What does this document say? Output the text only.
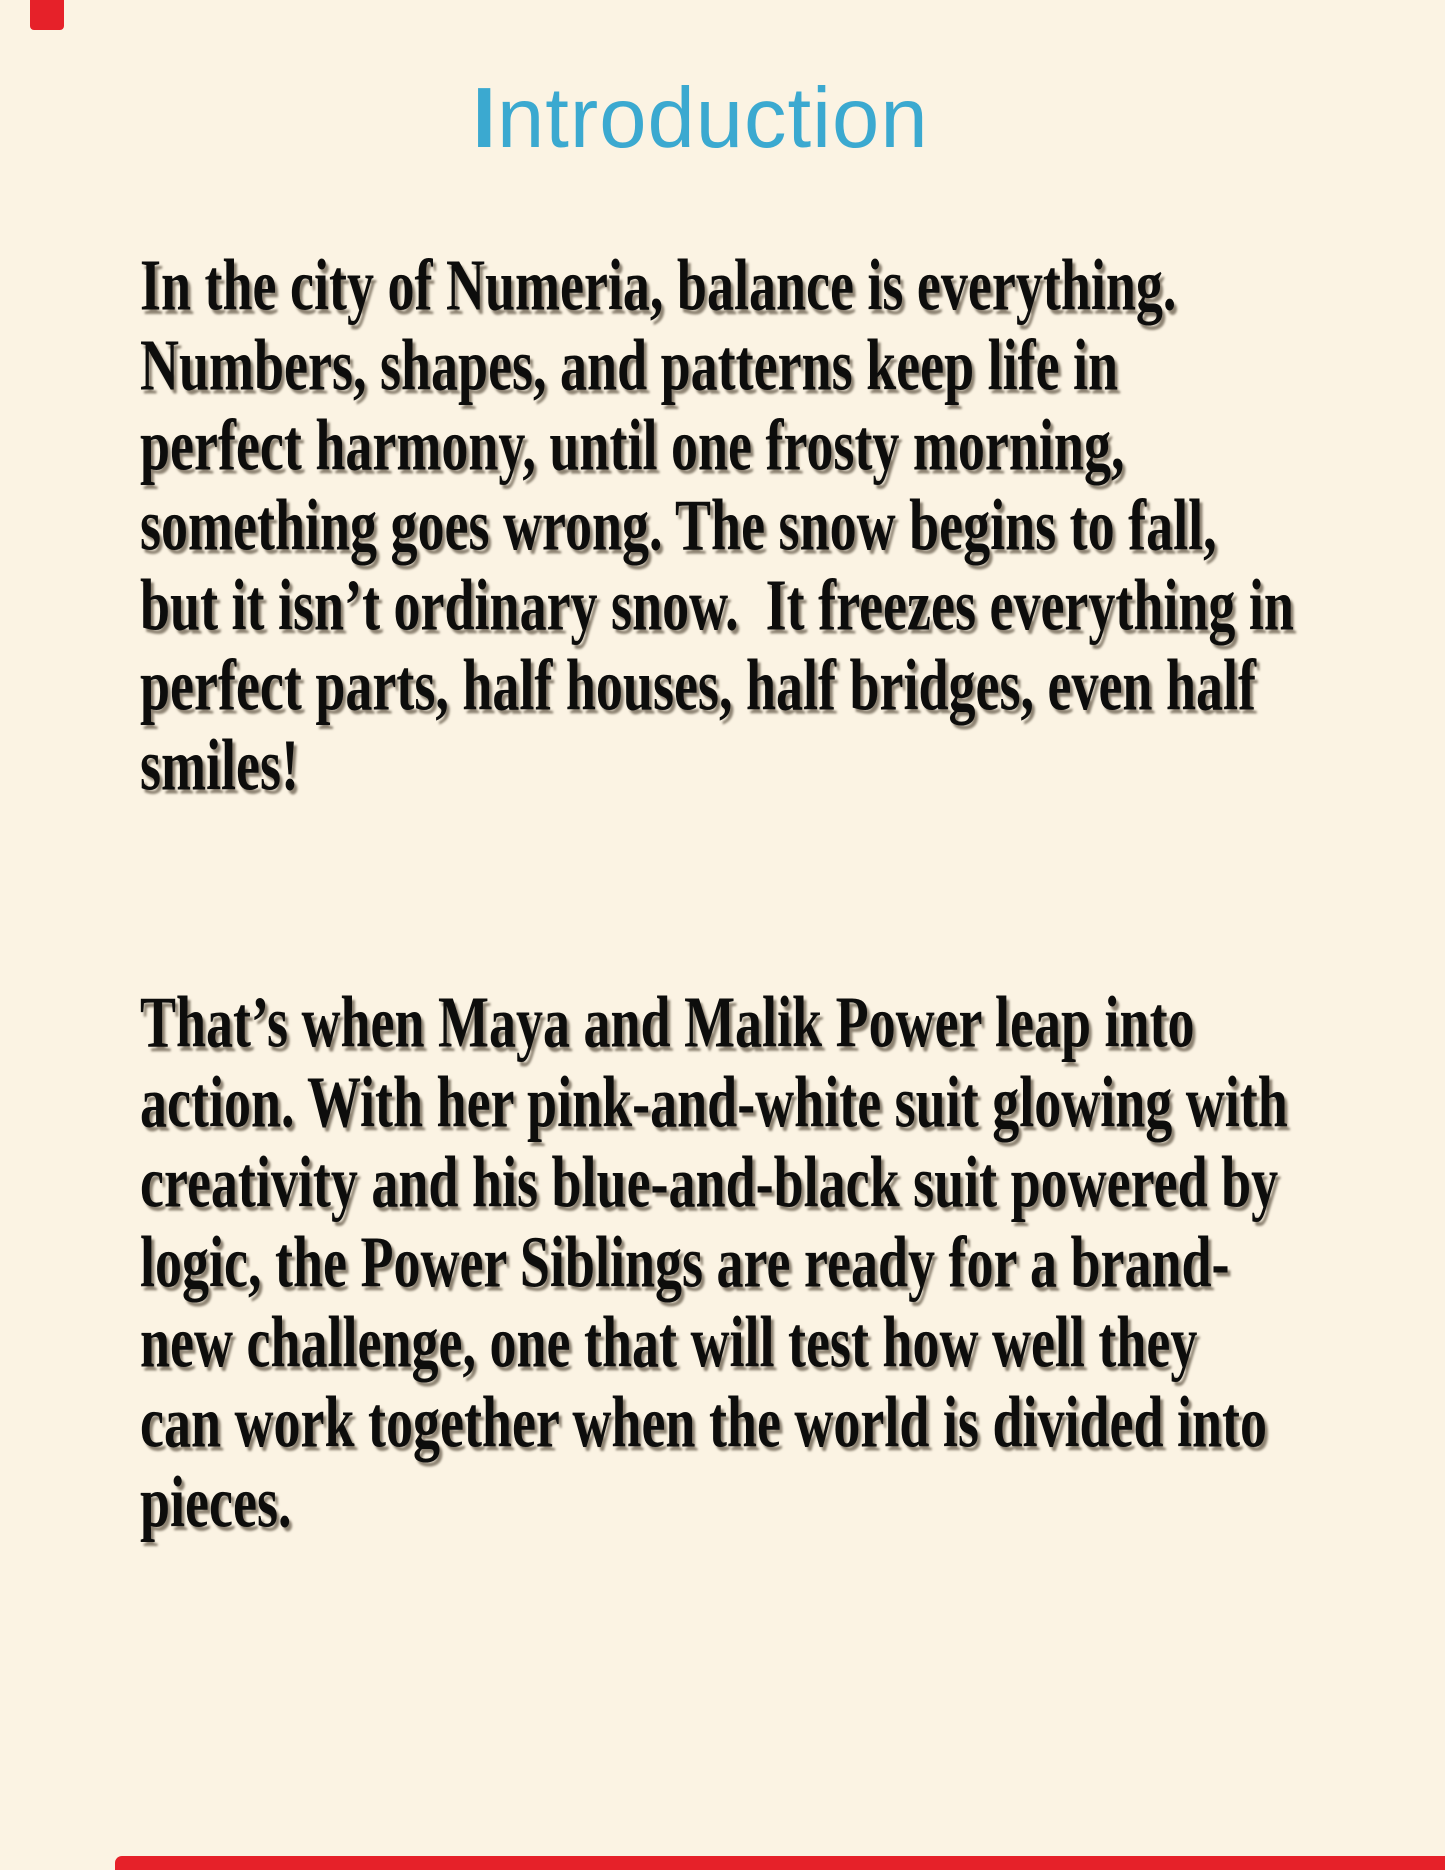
Introduction
In the city of Numeria, balance is everything.
Numbers, shapes, and patterns keep life in
perfect harmony, until one frosty morning,
something goes wrong. The snow begins to fall,
but it isn’t ordinary snow.  It freezes everything in
perfect parts, half houses, half bridges, even half
smiles!
That’s when Maya and Malik Power leap into
action. With her pink-and-white suit glowing with
creativity and his blue-and-black suit powered by
logic, the Power Siblings are ready for a brand-
new challenge, one that will test how well they
can work together when the world is divided into
pieces.
